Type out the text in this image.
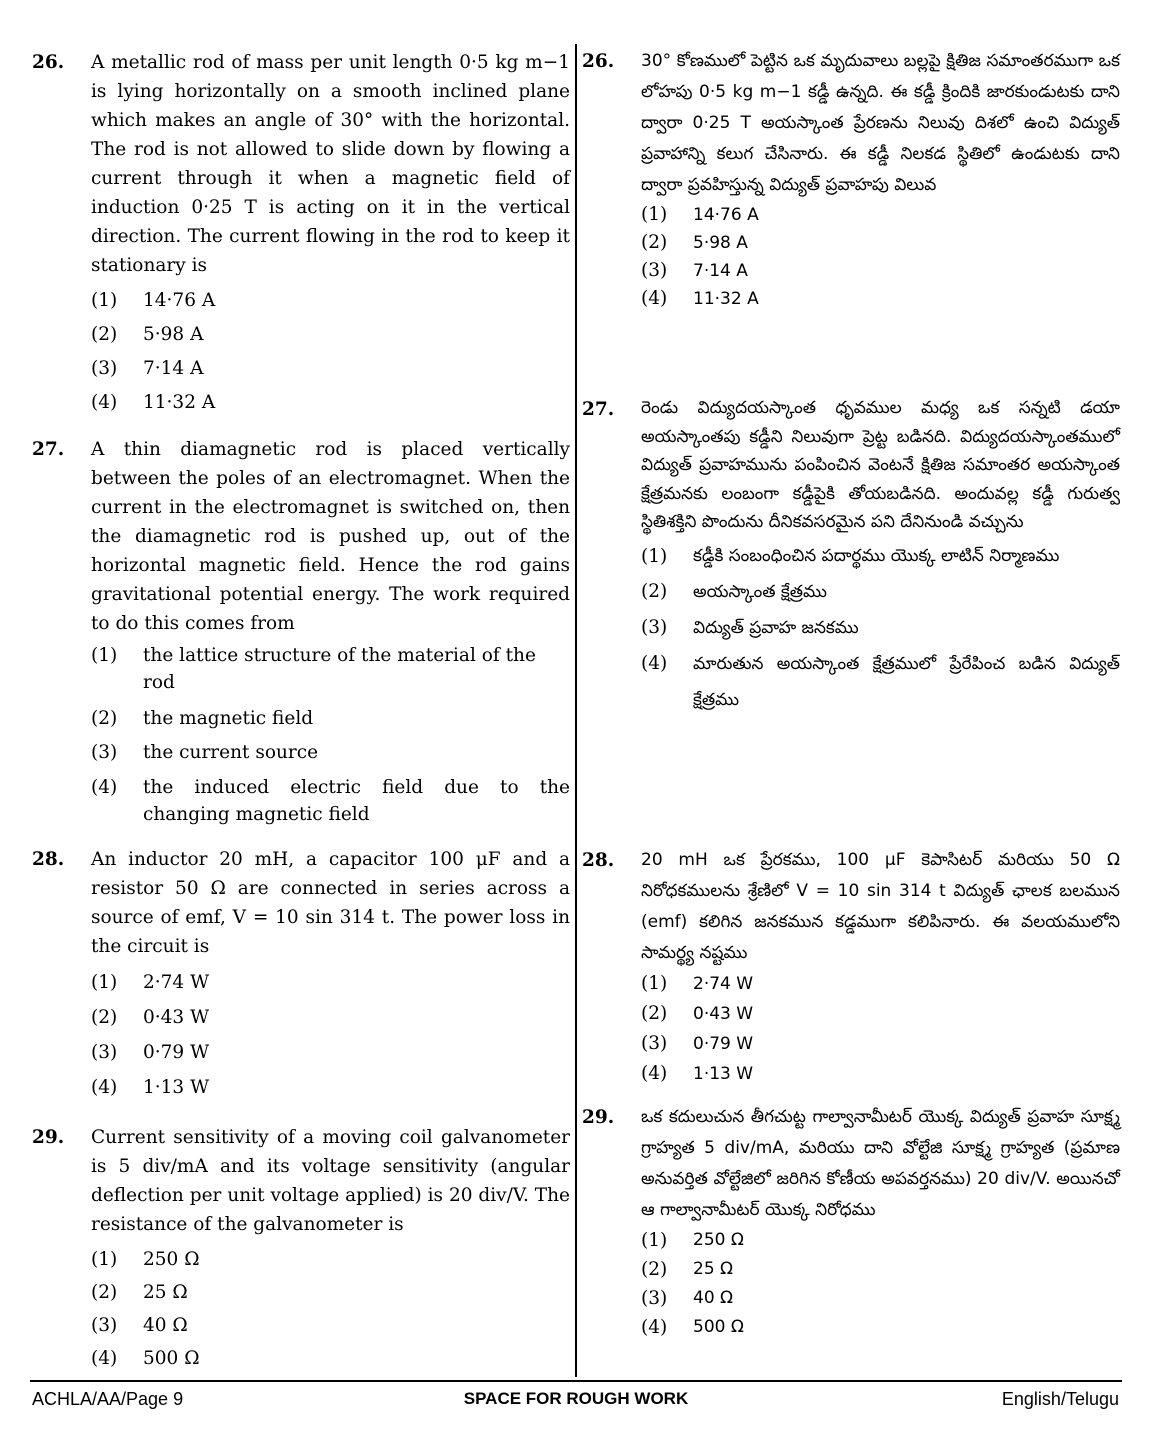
26. A metallic rod of mass per unit length 0·5 kg m−1 is lying horizontally on a smooth inclined plane which makes an angle of 30° with the horizontal. The rod is not allowed to slide down by flowing a current through it when a magnetic field of induction 0·25 T is acting on it in the vertical direction. The current flowing in the rod to keep it stationary is
(1) 14·76 A
(2) 5·98 A
(3) 7·14 A
(4) 11·32 A
27. A thin diamagnetic rod is placed vertically between the poles of an electromagnet. When the current in the electromagnet is switched on, then the diamagnetic rod is pushed up, out of the horizontal magnetic field. Hence the rod gains gravitational potential energy. The work required to do this comes from
(1) the lattice structure of the material of the rod
(2) the magnetic field
(3) the current source
(4) the induced electric field due to the changing magnetic field
28. An inductor 20 mH, a capacitor 100 μF and a resistor 50 Ω are connected in series across a source of emf, V = 10 sin 314 t. The power loss in the circuit is
(1) 2·74 W
(2) 0·43 W
(3) 0·79 W
(4) 1·13 W
29. Current sensitivity of a moving coil galvanometer is 5 div/mA and its voltage sensitivity (angular deflection per unit voltage applied) is 20 div/V. The resistance of the galvanometer is
(1) 250 Ω
(2) 25 Ω
(3) 40 Ω
(4) 500 Ω
26. 30° కోణములో పెట్టిన ఒక మృదువాలు బల్లపై క్షితిజ సమాంతరముగా ఒక లోహపు 0·5 kg m−1 కడ్డీ ఉన్నది. ఈ కడ్డీ క్రిందికి జారకుండుటకు దాని ద్వారా 0·25 T అయస్కాంత ప్రేరణను నిలువు దిశలో ఉంచి విద్యుత్ ప్రవాహాన్ని కలుగ చేసినారు. ఈ కడ్డీ నిలకడ స్థితిలో ఉండుటకు దాని ద్వారా ప్రవహిస్తున్న విద్యుత్ ప్రవాహపు విలువ
(1) 14·76 A
(2) 5·98 A
(3) 7·14 A
(4) 11·32 A
27. రెండు విద్యుదయస్కాంత ధృవముల మధ్య ఒక సన్నటి డయా అయస్కాంతపు కడ్డీని నిలువుగా ప్రెట్ట బడినది. విద్యుదయస్కాంతములో విద్యుత్ ప్రవాహమును పంపించిన వెంటనే క్షితిజ సమాంతర అయస్కాంత క్షేత్రమనకు లంబంగా కడ్డీపైకి తోయబడినది. అందువల్ల కడ్డీ గురుత్వ స్థితిశక్తిని పొందును దీనికవసరమైన పని దేనినుండి వచ్చును
(1) కడ్డీకి సంబంధించిన పదార్థము యొక్క లాటిన్ నిర్మాణము
(2) అయస్కాంత క్షేత్రము
(3) విద్యుత్ ప్రవాహ జనకము
(4) మారుతున అయస్కాంత క్షేత్రములో ప్రేరేపించ బడిన విద్యుత్ క్షేత్రము
28. 20 mH ఒక ప్రేరకము, 100 μF కెపాసిటర్ మరియు 50 Ω నిరోధకములను శ్రేణిలో V = 10 sin 314 t విద్యుత్ ఛాలక బలమున (emf) కలిగిన జనకమున కడ్డముగా కలిపినారు. ఈ వలయములోని సామర్థ్య నష్టము
(1) 2·74 W
(2) 0·43 W
(3) 0·79 W
(4) 1·13 W
29. ఒక కదులుచున తీగచుట్ట గాల్వానామీటర్ యొక్క విద్యుత్ ప్రవాహ సూక్ష్మ గ్రాహ్యత 5 div/mA, మరియు దాని వోల్టేజి సూక్ష్మ గ్రాహ్యత (ప్రమాణ అనువర్తిత వోల్టేజిలో జరిగిన కోణీయ అపవర్తనము) 20 div/V. అయినచో ఆ గాల్వానామీటర్ యొక్క నిరోధము
(1) 250 Ω
(2) 25 Ω
(3) 40 Ω
(4) 500 Ω
ACHLA/AA/Page 9	SPACE FOR ROUGH WORK	English/Telugu
